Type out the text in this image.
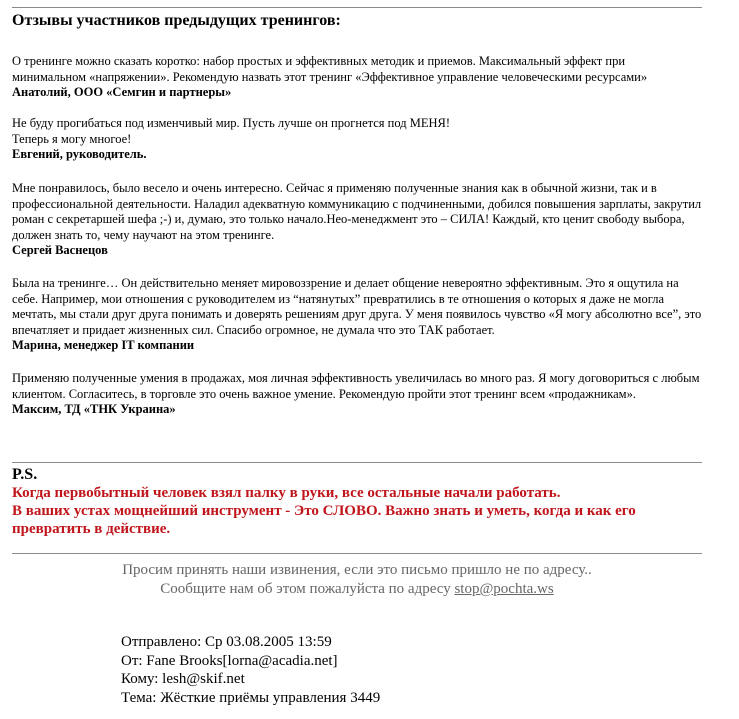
Отзывы участников предыдущих тренингов:

О тренинге можно сказать коротко: набор простых и эффективных методик и приемов. Максимальный эффект при минимальном «напряжении». Рекомендую назвать этот тренинг «Эффективное управление человеческими ресурсами»

Анатолий, ООО «Семгин и партнеры»

Не буду прогибаться под изменчивый мир. Пусть лучше он прогнется под МЕНЯ!

Теперь я могу многое!

Евгений, руководитель.

Мне понравилось, было весело и очень интересно. Сейчас я применяю полученные знания как в обычной жизни, так и в профессиональной деятельности. Наладил адекватную коммуникацию с подчиненными, добился повышения зарплаты, закрутил роман с секретаршей шефа ;-) и, думаю, это только начало.Нео-менеджмент это – СИЛА! Каждый, кто ценит свободу выбора, должен знать то, чему научают на этом тренинге.

Сергей Васнецов

Была на тренинге… Он действительно меняет мировоззрение и делает общение невероятно эффективным. Это я ощутила на себе. Например, мои отношения с руководителем из “натянутых” превратились в те отношения о которых я даже не могла мечтать, мы стали друг друга понимать и доверять решениям друг друга. У меня появилось чувство «Я могу абсолютно все”, это впечатляет и придает жизненных сил. Спасибо огромное, не думала что это ТАК работает.

Марина, менеджер IT компании

Применяю полученные умения в продажах, моя личная эффективность увеличилась во много раз. Я могу договориться с любым клиентом. Согласитесь, в торговле это очень важное умение. Рекомендую пройти этот тренинг всем «продажникам».

Максим, ТД «ТНК Украина»

P.S.
Когда первобытный человек взял палку в руки, все остальные начали работать.
В ваших устах мощнейший инструмент - Это СЛОВО. Важно знать и уметь, когда и как его превратить в действие.
Просим принять наши извинения, если это письмо пришло не по адресу..
Сообщите нам об этом пожалуйста по адресу stop@pochta.ws
Отправлено: Ср 03.08.2005 13:59
От: Fane Brooks[lorna@acadia.net]
Кому: lesh@skif.net
Тема: Жёсткие приёмы управления 3449
